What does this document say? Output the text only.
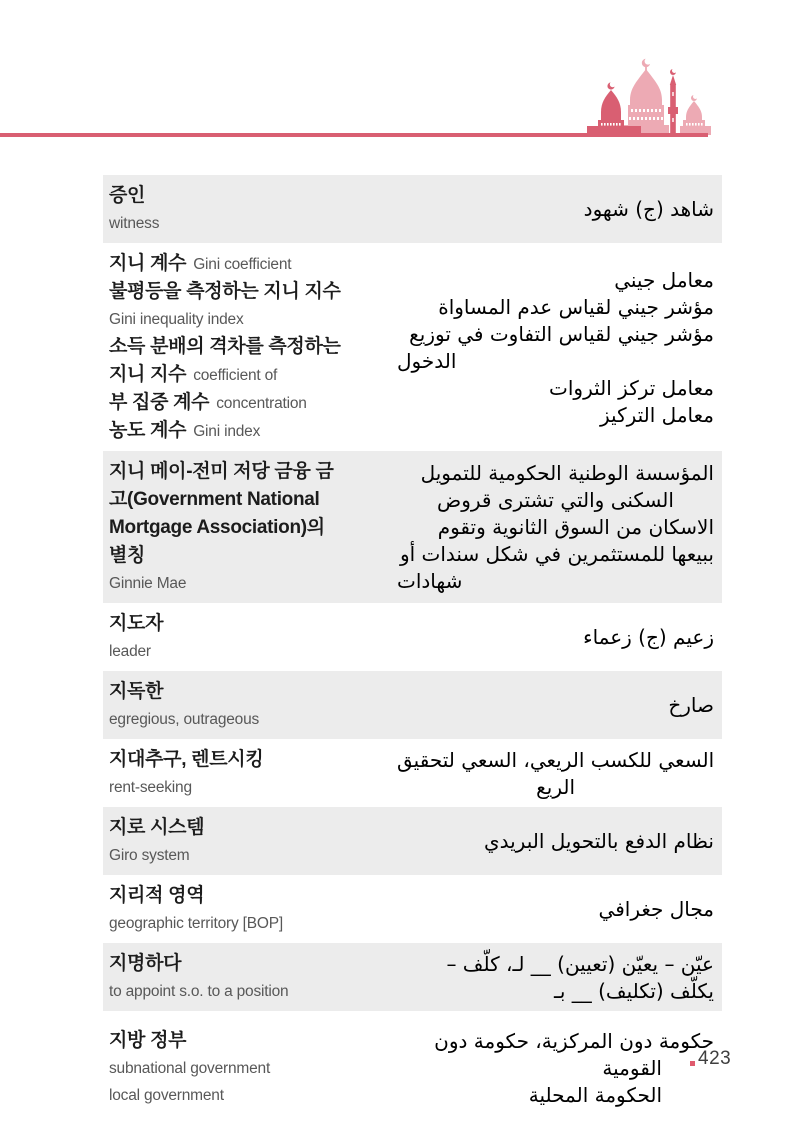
증인
witness
شاهد (ج) شهود
지니 계수 Gini coefficient
불평등을 측정하는 지니 지수
Gini inequality index
소득 분배의 격차를 측정하는
지니 지수 coefficient of
부 집중 계수 concentration
농도 계수 Gini index
معامل جيني
مؤشر جيني لقياس عدم المساواة
مؤشر جيني لقياس التفاوت في توزيع
الدخول
معامل تركز الثروات
معامل التركيز
지니 메이-전미 저당 금융 금
고(Government National
Mortgage Association)의
별칭
Ginnie Mae
المؤسسة الوطنية الحكومية للتمويل
السكنى والتي تشترى قروض
الاسكان من السوق الثانوية وتقوم
ببيعها للمستثمرين في شكل سندات أو
شهادات
지도자
leader
زعيم (ج) زعماء
지독한
egregious, outrageous
صارخ
지대추구, 렌트시킹
rent-seeking
السعي للكسب الريعي، السعي لتحقيق
الريع
지로 시스템
Giro system
نظام الدفع بالتحويل البريدي
지리적 영역
geographic territory [BOP]
مجال جغرافي
지명하다
to appoint s.o. to a position
عيّن – يعيّن (تعيين) __ لـ، كلّف –
يكلّف (تكليف) __ بـ
지방 정부
subnational government
local government
حكومة دون المركزية، حكومة دون
القومية
الحكومة المحلية
423
